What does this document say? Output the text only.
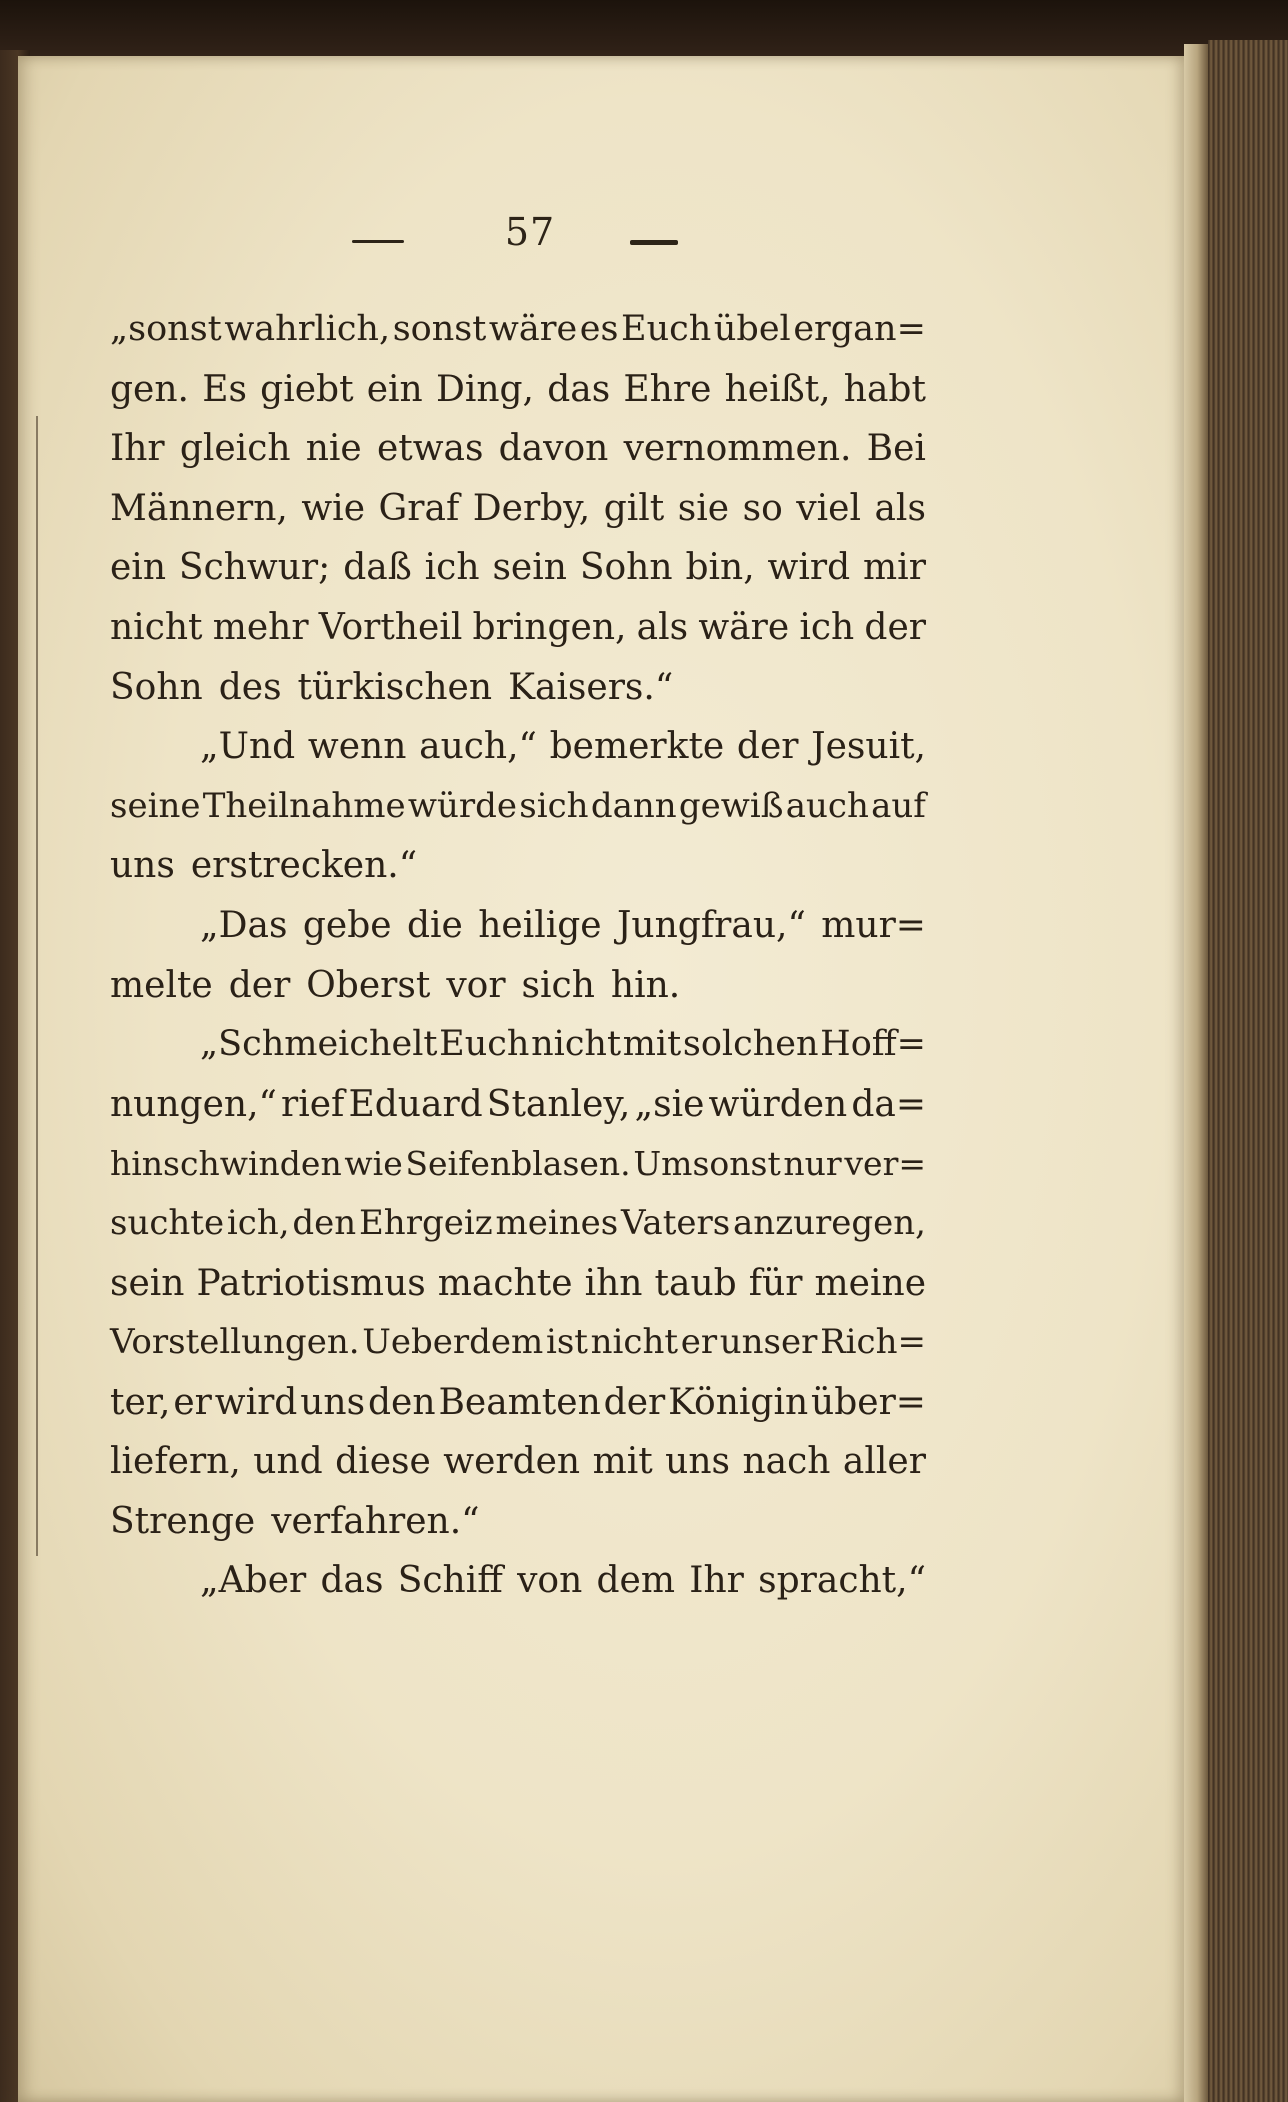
57
„sonst wahrlich, sonst wäre es Euch übel ergan=
gen. Es giebt ein Ding, das Ehre heißt, habt
Ihr gleich nie etwas davon vernommen. Bei
Männern, wie Graf Derby, gilt sie so viel als
ein Schwur; daß ich sein Sohn bin, wird mir
nicht mehr Vortheil bringen, als wäre ich der
Sohn des türkischen Kaisers.“
„Und wenn auch,“ bemerkte der Jesuit,
seine Theilnahme würde sich dann gewiß auch auf
uns erstrecken.“
„Das gebe die heilige Jungfrau,“ mur=
melte der Oberst vor sich hin.
„Schmeichelt Euch nicht mit solchen Hoff=
nungen,“ rief Eduard Stanley, „sie würden da=
hinschwinden wie Seifenblasen. Umsonst nur ver=
suchte ich, den Ehrgeiz meines Vaters anzuregen,
sein Patriotismus machte ihn taub für meine
Vorstellungen. Ueberdem ist nicht er unser Rich=
ter, er wird uns den Beamten der Königin über=
liefern, und diese werden mit uns nach aller
Strenge verfahren.“
„Aber das Schiff von dem Ihr spracht,“
